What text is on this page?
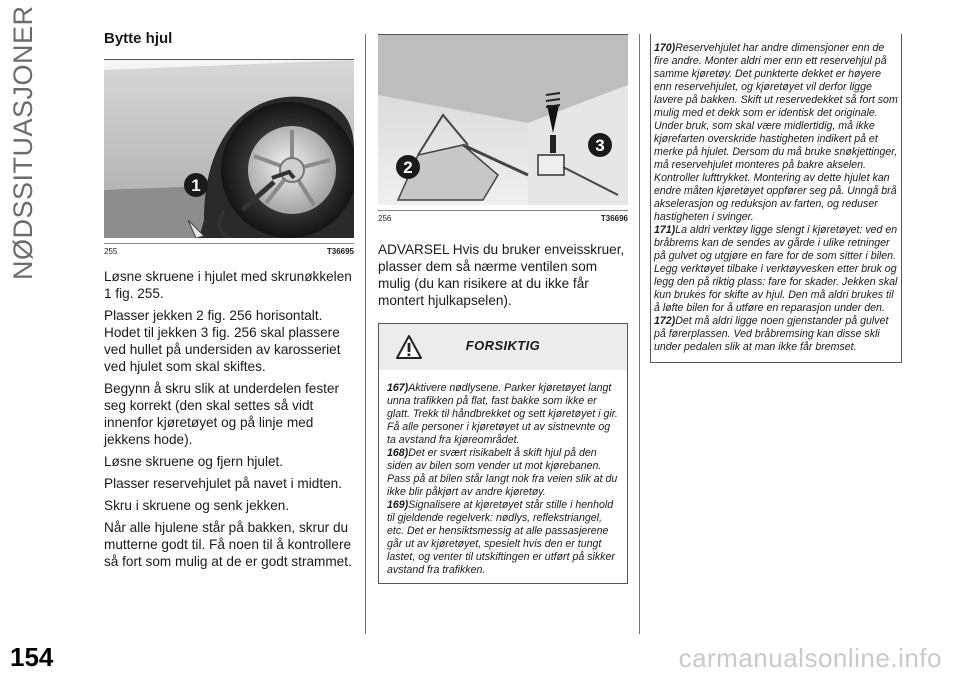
NØDSSITUASJONER
154	carmanualsonline.info
Bytte hjul
1
255	T36695

Løsne skruene i hjulet med skrunøkkelen 1 fig. 255.

Plasser jekken 2 fig. 256 horisontalt. Hodet til jekken 3 fig. 256 skal plassere ved hullet på undersiden av karosseriet ved hjulet som skal skiftes.

Begynn å skru slik at underdelen fester seg korrekt (den skal settes så vidt innenfor kjøretøyet og på linje med jekkens hode).

Løsne skruene og fjern hjulet.

Plasser reservehjulet på navet i midten.

Skru i skruene og senk jekken.

Når alle hjulene står på bakken, skrur du mutterne godt til. Få noen til å kontrollere så fort som mulig at de er godt strammet.

2
3
256	T36696

ADVARSEL Hvis du bruker enveisskruer, plasser dem så nærme ventilen som mulig (du kan risikere at du ikke får montert hjulkapselen).

FORSIKTIG

167)Aktivere nødlysene. Parker kjøretøyet langt unna trafikken på flat, fast bakke som ikke er glatt. Trekk til håndbrekket og sett kjøretøyet i gir. Få alle personer i kjøretøyet ut av sistnevnte og ta avstand fra kjøreområdet.

168)Det er svært risikabelt å skift hjul på den siden av bilen som vender ut mot kjørebanen. Pass på at bilen står langt nok fra veien slik at du ikke blir påkjørt av andre kjøretøy.

169)Signalisere at kjøretøyet står stille i henhold til gjeldende regelverk: nødlys, reflekstriangel, etc. Det er hensiktsmessig at alle passasjerene går ut av kjøretøyet, spesielt hvis den er tungt lastet, og venter til utskiftingen er utført på sikker avstand fra trafikken.

170)Reservehjulet har andre dimensjoner enn de fire andre. Monter aldri mer enn ett reservehjul på samme kjøretøy. Det punkterte dekket er høyere enn reservehjulet, og kjøretøyet vil derfor ligge lavere på bakken. Skift ut reservedekket så fort som mulig med et dekk som er identisk det originale. Under bruk, som skal være midlertidig, må ikke kjørefarten overskride hastigheten indikert på et merke på hjulet. Dersom du må bruke snøkjettinger, må reservehjulet monteres på bakre akselen. Kontroller lufttrykket. Montering av dette hjulet kan endre måten kjøretøyet oppfører seg på. Unngå brå akselerasjon og reduksjon av farten, og reduser hastigheten i svinger.

171)La aldri verktøy ligge slengt i kjøretøyet: ved en bråbrems kan de sendes av gårde i ulike retninger på gulvet og utgjøre en fare for de som sitter i bilen. Legg verktøyet tilbake i verktøyvesken etter bruk og legg den på riktig plass: fare for skader. Jekken skal kun brukes for skifte av hjul. Den må aldri brukes til å løfte bilen for å utføre en reparasjon under den.

172)Det må aldri ligge noen gjenstander på gulvet på førerplassen. Ved bråbremsing kan disse skli under pedalen slik at man ikke får bremset.
